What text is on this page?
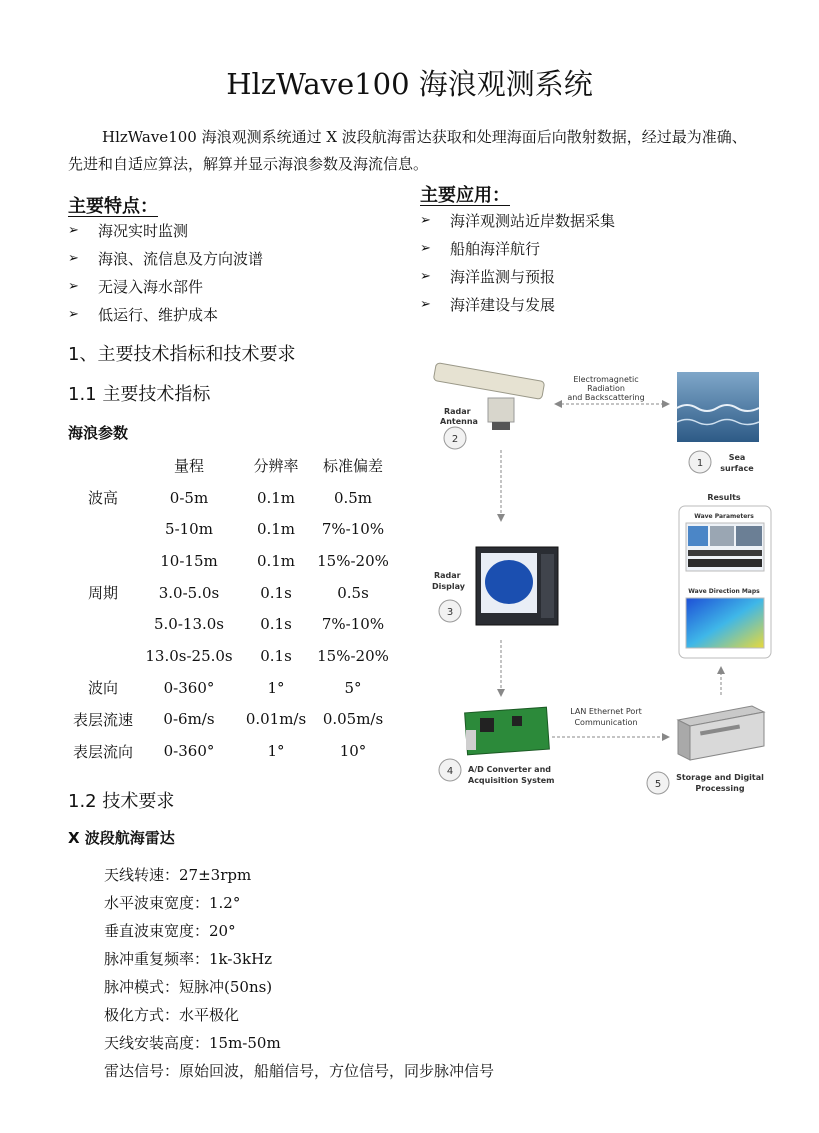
HlzWave100 海浪观测系统
HlzWave100 海浪观测系统通过 X 波段航海雷达获取和处理海面后向散射数据，经过最为准确、先进和自适应算法，解算并显示海浪参数及海流信息。
主要特点：
➢ 海况实时监测
➢ 海浪、流信息及方向波谱
➢ 无浸入海水部件
➢ 低运行、维护成本
主要应用：
➢ 海洋观测站近岸数据采集
➢ 船舶海洋航行
➢ 海洋监测与预报
➢ 海洋建设与发展
1、主要技术指标和技术要求
1.1 主要技术指标
海浪参数
	量程	分辨率	标准偏差
波高	0-5m	0.1m	0.5m
	5-10m	0.1m	7%-10%
	10-15m	0.1m	15%-20%
周期	3.0-5.0s	0.1s	0.5s
	5.0-13.0s	0.1s	7%-10%
	13.0s-25.0s	0.1s	15%-20%
波向	0-360°	1°	5°
表层流速	0-6m/s	0.01m/s	0.05m/s
表层流向	0-360°	1°	10°
1.2 技术要求
X 波段航海雷达
天线转速：27±3rpm
水平波束宽度：1.2°
垂直波束宽度：20°
脉冲重复频率：1k-3kHz
脉冲模式：短脉冲(50ns)
极化方式：水平极化
天线安装高度：15m-50m
雷达信号：原始回波，船艏信号，方位信号，同步脉冲信号
Radar
Antenna
2
Electromagnetic
Radiation
and Backscattering
1
Sea
surface
Radar
Display
3
4 A/D Converter and
Acquisition System
LAN Ethernet Port
Communication
5
Storage and Digital
Processing
Results
Wave Parameters
Wave Direction Maps
